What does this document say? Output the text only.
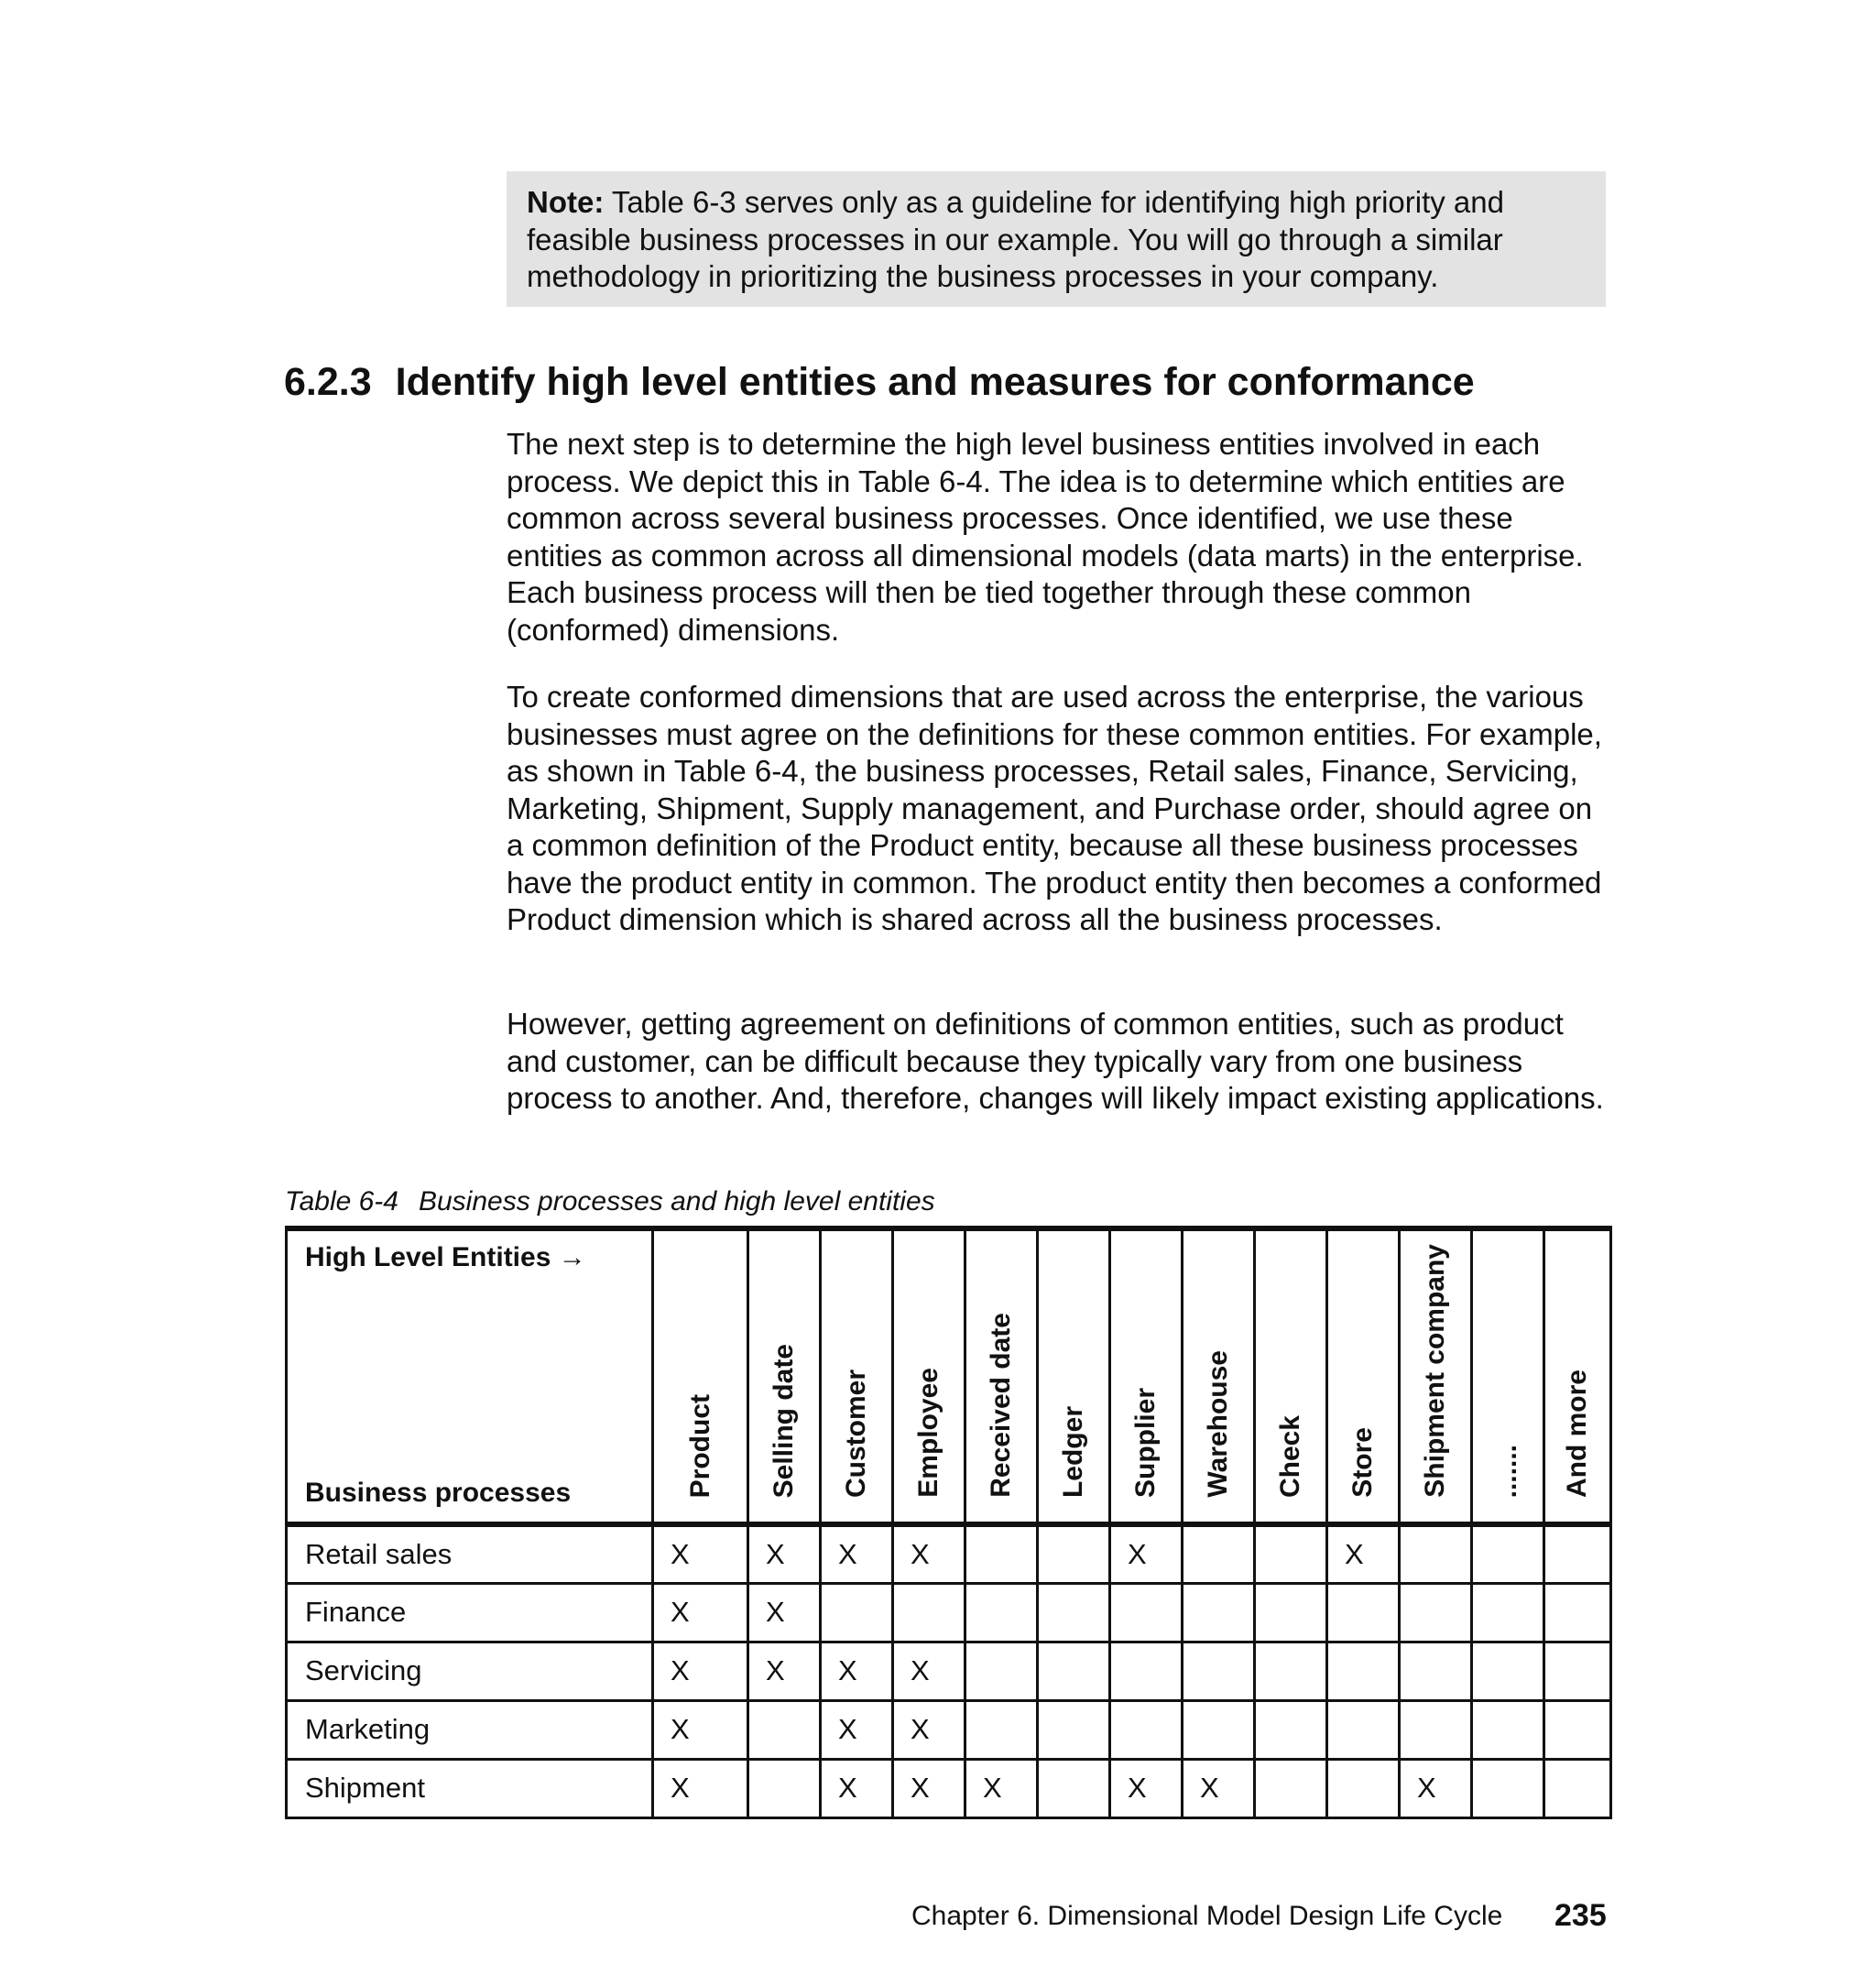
Note: Table 6-3 serves only as a guideline for identifying high priority and feasible business processes in our example. You will go through a similar methodology in prioritizing the business processes in your company.
6.2.3 Identify high level entities and measures for conformance

The next step is to determine the high level business entities involved in each process. We depict this in Table 6-4. The idea is to determine which entities are common across several business processes. Once identified, we use these entities as common across all dimensional models (data marts) in the enterprise. Each business process will then be tied together through these common (conformed) dimensions.

To create conformed dimensions that are used across the enterprise, the various businesses must agree on the definitions for these common entities. For example, as shown in Table 6-4, the business processes, Retail sales, Finance, Servicing, Marketing, Shipment, Supply management, and Purchase order, should agree on a common definition of the Product entity, because all these business processes have the product entity in common. The product entity then becomes a conformed Product dimension which is shared across all the business processes.

However, getting agreement on definitions of common entities, such as product and customer, can be difficult because they typically vary from one business process to another. And, therefore, changes will likely impact existing applications.

Table 6-4 Business processes and high level entities
High Level Entities →
Business processes	Product	Selling date	Customer	Employee	Received date	Ledger	Supplier	Warehouse	Check	Store	Shipment company	.......	And more
Retail sales	X	X	X	X			X			X			
Finance	X	X											
Servicing	X	X	X	X									
Marketing	X		X	X									
Shipment	X		X	X	X		X	X			X		
Chapter 6. Dimensional Model Design Life Cycle 235
